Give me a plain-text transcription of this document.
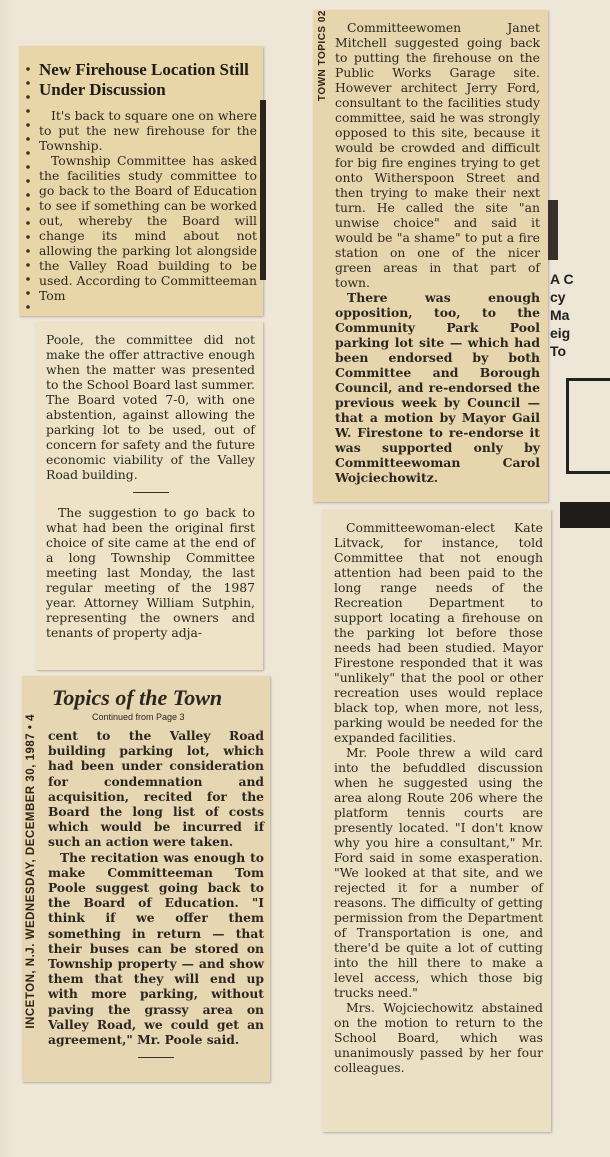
New Firehouse Location Still Under Discussion

It's back to square one on where to put the new firehouse for the Township.

Township Committee has asked the facilities study committee to go back to the Board of Education to see if something can be worked out, whereby the Board will change its mind about not allowing the parking lot alongside the Valley Road building to be used. According to Committeeman Tom

Poole, the committee did not make the offer attractive enough when the matter was presented to the School Board last summer. The Board voted 7-0, with one abstention, against allowing the parking lot to be used, out of concern for safety and the future economic viability of the Valley Road building.

The suggestion to go back to what had been the original first choice of site came at the end of a long Township Committee meeting last Monday, the last regular meeting of the 1987 year. Attorney William Sutphin, representing the owners and tenants of property adja-

INCETON, N.J. WEDNESDAY, DECEMBER 30, 1987 • 4
Topics of the Town
Continued from Page 3

cent to the Valley Road building parking lot, which had been under consideration for condemnation and acquisition, recited for the Board the long list of costs which would be incurred if such an action were taken.

The recitation was enough to make Committeeman Tom Poole suggest going back to the Board of Education. "I think if we offer them something in return — that their buses can be stored on Township property — and show them that they will end up with more parking, without paving the grassy area on Valley Road, we could get an agreement," Mr. Poole said.

TOWN TOPICS 02	Committeewomen Janet Mitchell suggested going back to putting the firehouse on the Public Works Garage site. However architect Jerry Ford, consultant to the facilities study committee, said he was strongly opposed to this site, because it would be crowded and difficult for big fire engines trying to get onto Witherspoon Street and then trying to make their next turn. He called the site "an unwise choice" and said it would be "a shame" to put a fire station on one of the nicer green areas in that part of town.

There was enough opposition, too, to the Community Park Pool parking lot site — which had been endorsed by both Committee and Borough Council, and re-endorsed the previous week by Council — that a motion by Mayor Gail W. Firestone to re-endorse it was supported only by Committeewoman Carol Wojciechowitz.

Committeewoman-elect Kate Litvack, for instance, told Committee that not enough attention had been paid to the long range needs of the Recreation Department to support locating a firehouse on the parking lot before those needs had been studied. Mayor Firestone responded that it was "unlikely" that the pool or other recreation uses would replace black top, when more, not less, parking would be needed for the expanded facilities.

Mr. Poole threw a wild card into the befuddled discussion when he suggested using the area along Route 206 where the platform tennis courts are presently located. "I don't know why you hire a consultant," Mr. Ford said in some exasperation. "We looked at that site, and we rejected it for a number of reasons. The difficulty of getting permission from the Department of Transportation is one, and there'd be quite a lot of cutting into the hill there to make a level access, which those big trucks need."

Mrs. Wojciechowitz abstained on the motion to return to the School Board, which was unanimously passed by her four colleagues.

A C
cy
Ma
eig
To
